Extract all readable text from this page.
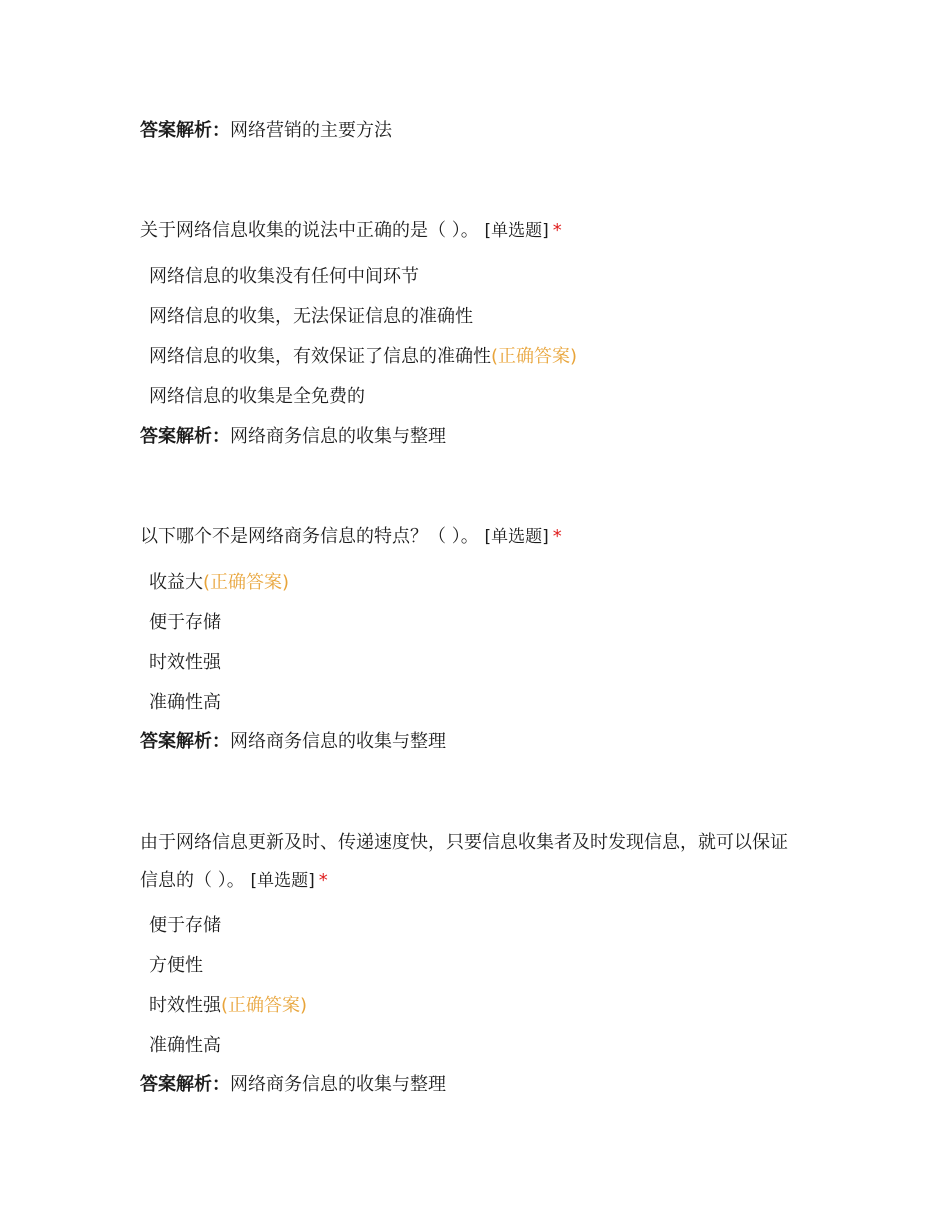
答案解析：网络营销的主要方法
关于网络信息收集的说法中正确的是（ ）。 [单选题] *
网络信息的收集没有任何中间环节
网络信息的收集，无法保证信息的准确性
网络信息的收集，有效保证了信息的准确性(正确答案)
网络信息的收集是全免费的
答案解析：网络商务信息的收集与整理
以下哪个不是网络商务信息的特点？（ ）。 [单选题] *
收益大(正确答案)
便于存储
时效性强
准确性高
答案解析：网络商务信息的收集与整理
由于网络信息更新及时、传递速度快，只要信息收集者及时发现信息，就可以保证
信息的（ ）。 [单选题] *
便于存储
方便性
时效性强(正确答案)
准确性高
答案解析：网络商务信息的收集与整理
